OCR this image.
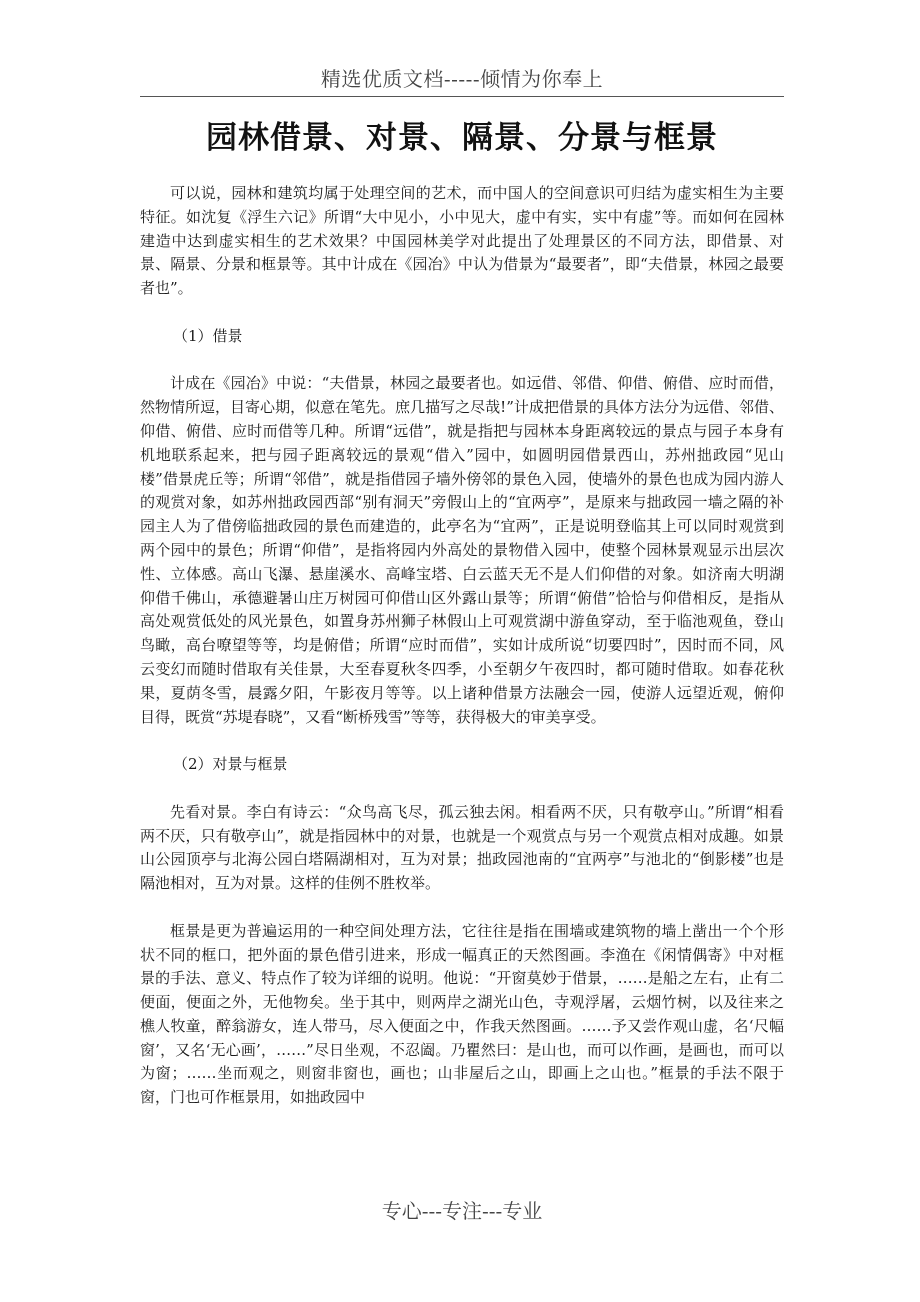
精选优质文档-----倾情为你奉上
园林借景、对景、隔景、分景与框景

可以说，园林和建筑均属于处理空间的艺术，而中国人的空间意识可归结为虚实相生为主要特征。如沈复《浮生六记》所谓“大中见小，小中见大，虚中有实，实中有虚”等。而如何在园林建造中达到虚实相生的艺术效果？中国园林美学对此提出了处理景区的不同方法，即借景、对景、隔景、分景和框景等。其中计成在《园冶》中认为借景为“最要者”，即“夫借景，林园之最要者也”。

（1）借景

计成在《园冶》中说：“夫借景，林园之最要者也。如远借、邻借、仰借、俯借、应时而借，然物情所逗，目寄心期，似意在笔先。庶几描写之尽哉!”计成把借景的具体方法分为远借、邻借、仰借、俯借、应时而借等几种。所谓“远借”，就是指把与园林本身距离较远的景点与园子本身有机地联系起来，把与园子距离较远的景观“借入”园中，如圆明园借景西山，苏州拙政园“见山楼”借景虎丘等；所谓“邻借”，就是指借园子墙外傍邻的景色入园，使墙外的景色也成为园内游人的观赏对象，如苏州拙政园西部“别有洞天”旁假山上的“宜两亭”，是原来与拙政园一墙之隔的补园主人为了借傍临拙政园的景色而建造的，此亭名为“宜两”，正是说明登临其上可以同时观赏到两个园中的景色；所谓“仰借”，是指将园内外高处的景物借入园中，使整个园林景观显示出层次性、立体感。高山飞瀑、悬崖溪水、高峰宝塔、白云蓝天无不是人们仰借的对象。如济南大明湖仰借千佛山，承德避暑山庄万树园可仰借山区外露山景等；所谓“俯借”恰恰与仰借相反，是指从高处观赏低处的风光景色，如置身苏州狮子林假山上可观赏湖中游鱼穿动，至于临池观鱼，登山鸟瞰，高台嘹望等等，均是俯借；所谓“应时而借”，实如计成所说“切要四时”，因时而不同，风云变幻而随时借取有关佳景，大至春夏秋冬四季，小至朝夕午夜四时，都可随时借取。如春花秋果，夏荫冬雪，晨露夕阳，午影夜月等等。以上诸种借景方法融会一园，使游人远望近观，俯仰目得，既赏“苏堤春晓”，又看“断桥残雪”等等，获得极大的审美享受。

（2）对景与框景

先看对景。李白有诗云：“众鸟高飞尽，孤云独去闲。相看两不厌，只有敬亭山。”所谓“相看两不厌，只有敬亭山”，就是指园林中的对景，也就是一个观赏点与另一个观赏点相对成趣。如景山公园顶亭与北海公园白塔隔湖相对，互为对景；拙政园池南的“宜两亭”与池北的“倒影楼”也是隔池相对，互为对景。这样的佳例不胜枚举。

框景是更为普遍运用的一种空间处理方法，它往往是指在围墙或建筑物的墙上凿出一个个形状不同的框口，把外面的景色借引进来，形成一幅真正的天然图画。李渔在《闲情偶寄》中对框景的手法、意义、特点作了较为详细的说明。他说：“开窗莫妙于借景，……是船之左右，止有二便面，便面之外，无他物矣。坐于其中，则两岸之湖光山色，寺观浮屠，云烟竹树，以及往来之樵人牧童，醉翁游女，连人带马，尽入便面之中，作我天然图画。……予又尝作观山虚，名‘尺幅窗’，又名‘无心画’，……”尽日坐观，不忍阖。乃瞿然曰：是山也，而可以作画，是画也，而可以为窗；……坐而观之，则窗非窗也，画也；山非屋后之山，即画上之山也。”框景的手法不限于窗，门也可作框景用，如拙政园中

专心---专注---专业
